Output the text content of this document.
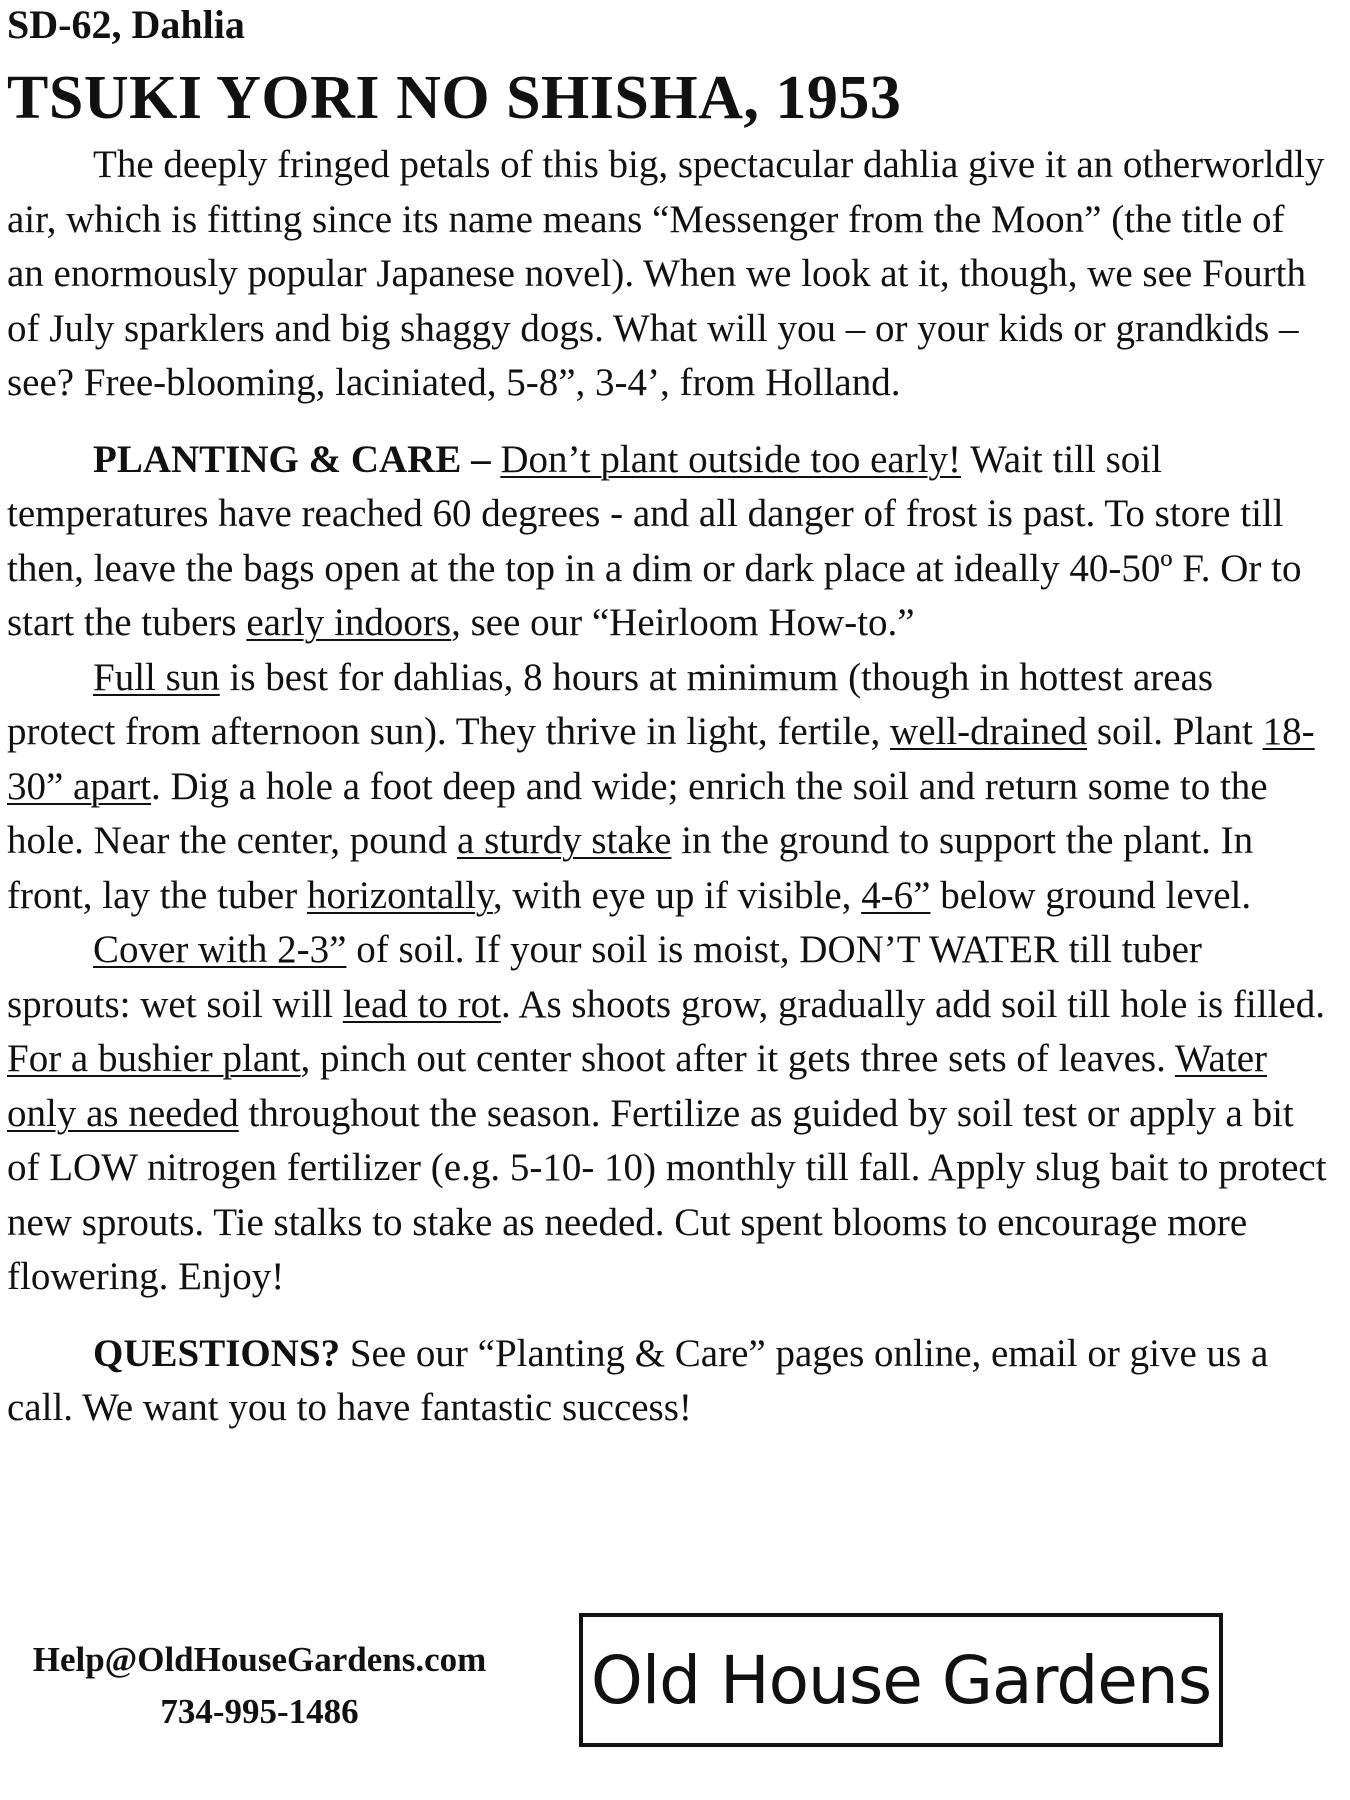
SD-62, Dahlia
TSUKI YORI NO SHISHA, 1953

The deeply fringed petals of this big, spectacular dahlia give it an otherworldly air, which is fitting since its name means “Messenger from the Moon” (the title of an enormously popular Japanese novel). When we look at it, though, we see Fourth of July sparklers and big shaggy dogs. What will you – or your kids or grandkids – see? Free-blooming, laciniated, 5-8”, 3-4’, from Holland.

PLANTING & CARE – Don’t plant outside too early! Wait till soil temperatures have reached 60 degrees - and all danger of frost is past. To store till then, leave the bags open at the top in a dim or dark place at ideally 40-50º F. Or to start the tubers early indoors, see our “Heirloom How-to.”

Full sun is best for dahlias, 8 hours at minimum (though in hottest areas protect from afternoon sun). They thrive in light, fertile, well-drained soil. Plant 18-30” apart. Dig a hole a foot deep and wide; enrich the soil and return some to the hole. Near the center, pound a sturdy stake in the ground to support the plant. In front, lay the tuber horizontally, with eye up if visible, 4-6” below ground level.

Cover with 2-3” of soil. If your soil is moist, DON’T WATER till tuber sprouts: wet soil will lead to rot. As shoots grow, gradually add soil till hole is filled. For a bushier plant, pinch out center shoot after it gets three sets of leaves. Water only as needed throughout the season. Fertilize as guided by soil test or apply a bit of LOW nitrogen fertilizer (e.g. 5-10- 10) monthly till fall. Apply slug bait to protect new sprouts. Tie stalks to stake as needed. Cut spent blooms to encourage more flowering. Enjoy!

QUESTIONS? See our “Planting & Care” pages online, email or give us a call. We want you to have fantastic success!

Help@OldHouseGardens.com
734-995-1486	Old House Gardens
